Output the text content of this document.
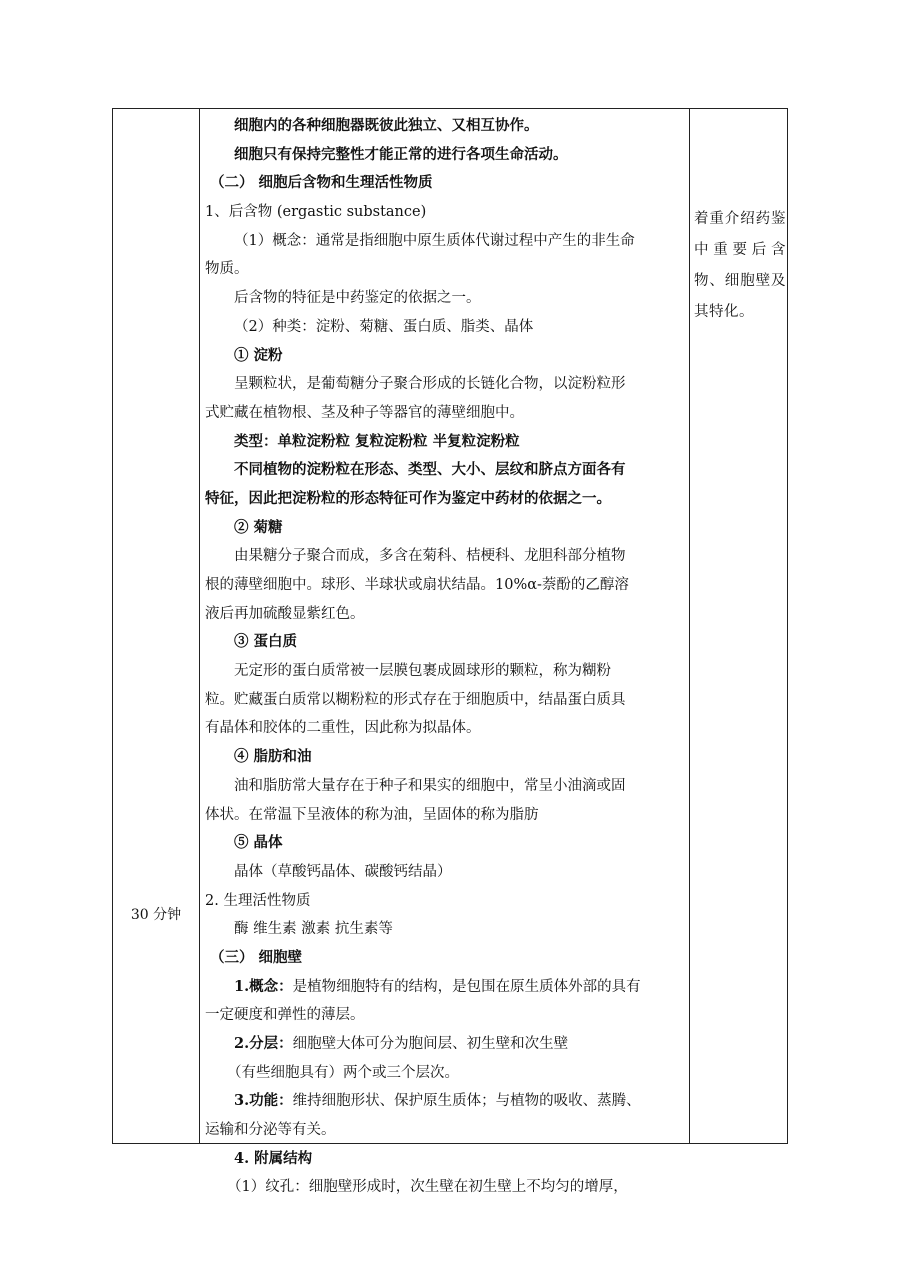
30 分钟
着重介绍药鉴中重要后含物、细胞壁及其特化。
细胞内的各种细胞器既彼此独立、又相互协作。
细胞只有保持完整性才能正常的进行各项生命活动。
（二） 细胞后含物和生理活性物质
1、后含物 (ergastic substance)
（1）概念：通常是指细胞中原生质体代谢过程中产生的非生命
物质。
后含物的特征是中药鉴定的依据之一。
（2）种类：淀粉、菊糖、蛋白质、脂类、晶体
① 淀粉
呈颗粒状，是葡萄糖分子聚合形成的长链化合物，以淀粉粒形
式贮藏在植物根、茎及种子等器官的薄壁细胞中。
类型：单粒淀粉粒 复粒淀粉粒 半复粒淀粉粒
不同植物的淀粉粒在形态、类型、大小、层纹和脐点方面各有
特征，因此把淀粉粒的形态特征可作为鉴定中药材的依据之一。
② 菊糖
由果糖分子聚合而成，多含在菊科、桔梗科、龙胆科部分植物
根的薄壁细胞中。球形、半球状或扇状结晶。10%α-萘酚的乙醇溶
液后再加硫酸显紫红色。
③ 蛋白质
无定形的蛋白质常被一层膜包裹成圆球形的颗粒，称为糊粉
粒。贮藏蛋白质常以糊粉粒的形式存在于细胞质中，结晶蛋白质具
有晶体和胶体的二重性，因此称为拟晶体。
④ 脂肪和油
油和脂肪常大量存在于种子和果实的细胞中，常呈小油滴或固
体状。在常温下呈液体的称为油，呈固体的称为脂肪
⑤ 晶体
晶体（草酸钙晶体、碳酸钙结晶）
2. 生理活性物质
酶 维生素 激素 抗生素等
（三） 细胞壁
1.概念：是植物细胞特有的结构，是包围在原生质体外部的具有
一定硬度和弹性的薄层。
2.分层：细胞壁大体可分为胞间层、初生壁和次生壁
（有些细胞具有）两个或三个层次。
3.功能：维持细胞形状、保护原生质体；与植物的吸收、蒸腾、
运输和分泌等有关。
4. 附属结构
（1）纹孔：细胞壁形成时，次生壁在初生壁上不均匀的增厚，
